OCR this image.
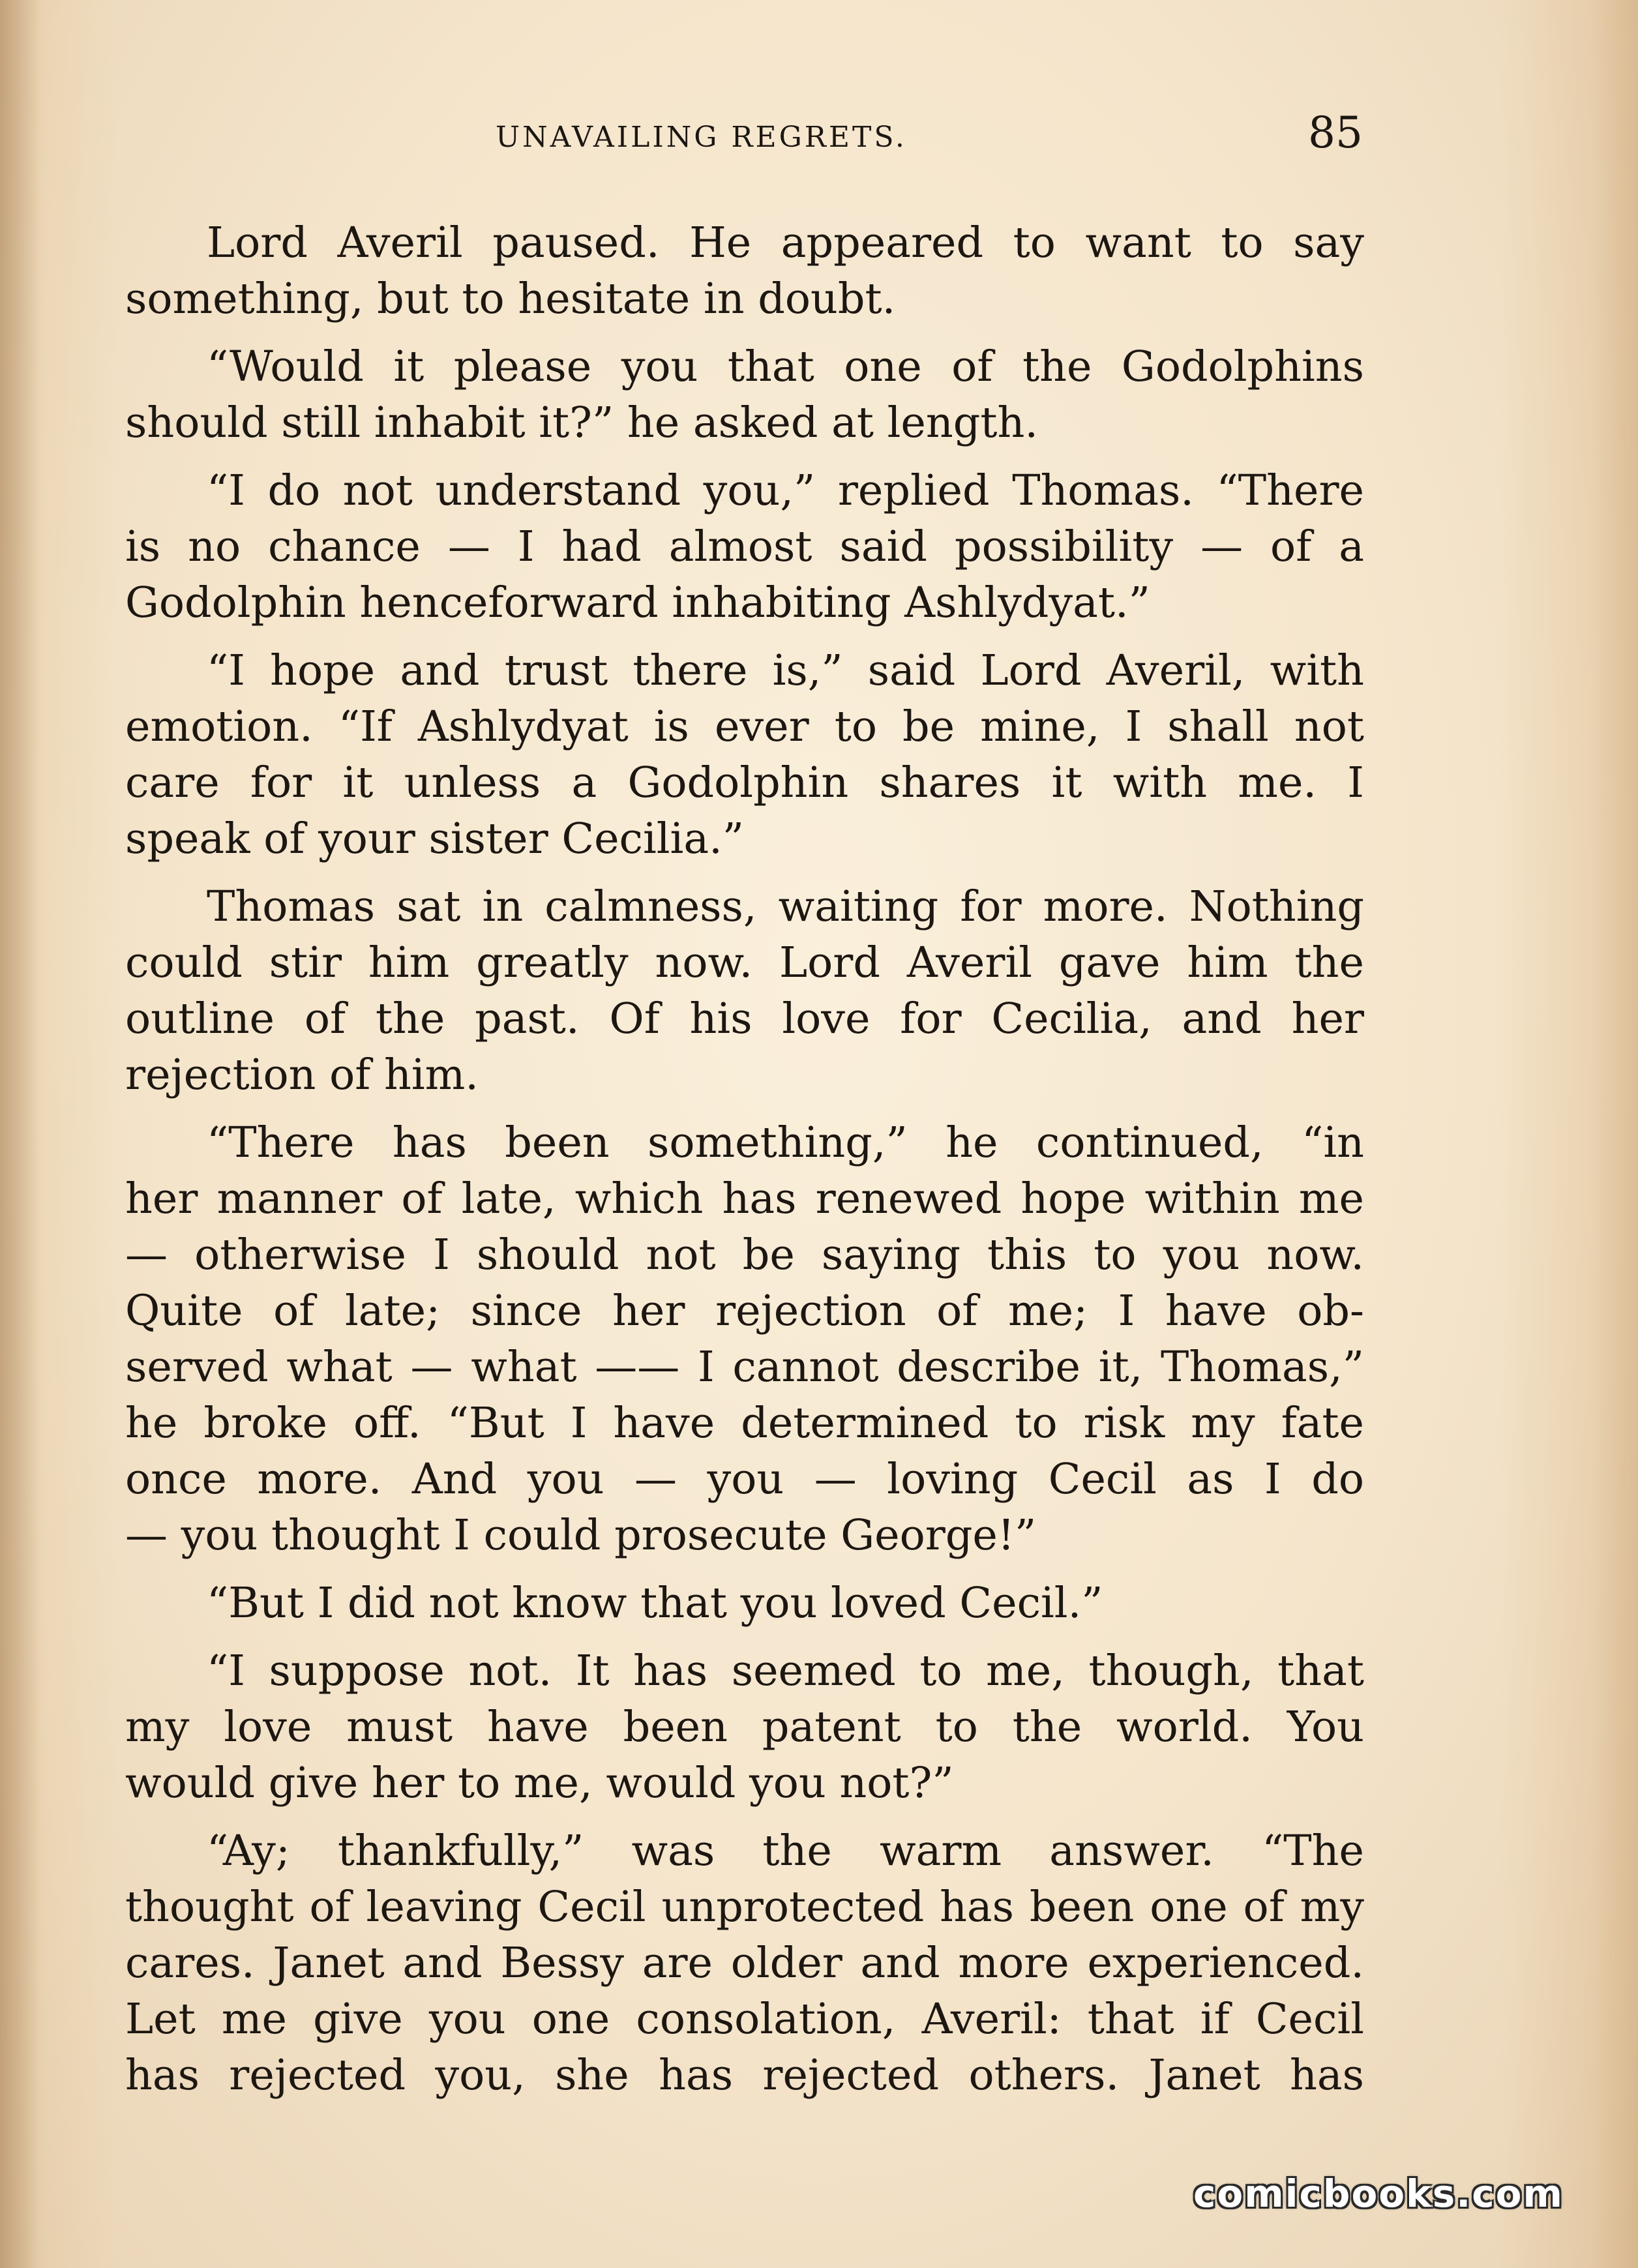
UNAVAILING REGRETS.	85
Lord Averil paused. He appeared to want to say
something, but to hesitate in doubt.
“Would it please you that one of the Godolphins
should still inhabit it?” he asked at length.
“I do not understand you,” replied Thomas. “There
is no chance — I had almost said possibility — of a
Godolphin henceforward inhabiting Ashlydyat.”
“I hope and trust there is,” said Lord Averil, with
emotion. “If Ashlydyat is ever to be mine, I shall not
care for it unless a Godolphin shares it with me. I
speak of your sister Cecilia.”
Thomas sat in calmness, waiting for more. Nothing
could stir him greatly now. Lord Averil gave him the
outline of the past. Of his love for Cecilia, and her
rejection of him.
“There has been something,” he continued, “in
her manner of late, which has renewed hope within me
— otherwise I should not be saying this to you now.
Quite of late; since her rejection of me; I have ob-
served what — what —— I cannot describe it, Thomas,”
he broke off. “But I have determined to risk my fate
once more. And you — you — loving Cecil as I do
— you thought I could prosecute George!”
“But I did not know that you loved Cecil.”
“I suppose not. It has seemed to me, though, that
my love must have been patent to the world. You
would give her to me, would you not?”
“Ay; thankfully,” was the warm answer. “The
thought of leaving Cecil unprotected has been one of my
cares. Janet and Bessy are older and more experienced.
Let me give you one consolation, Averil: that if Cecil
has rejected you, she has rejected others. Janet has
comicbooks.com
